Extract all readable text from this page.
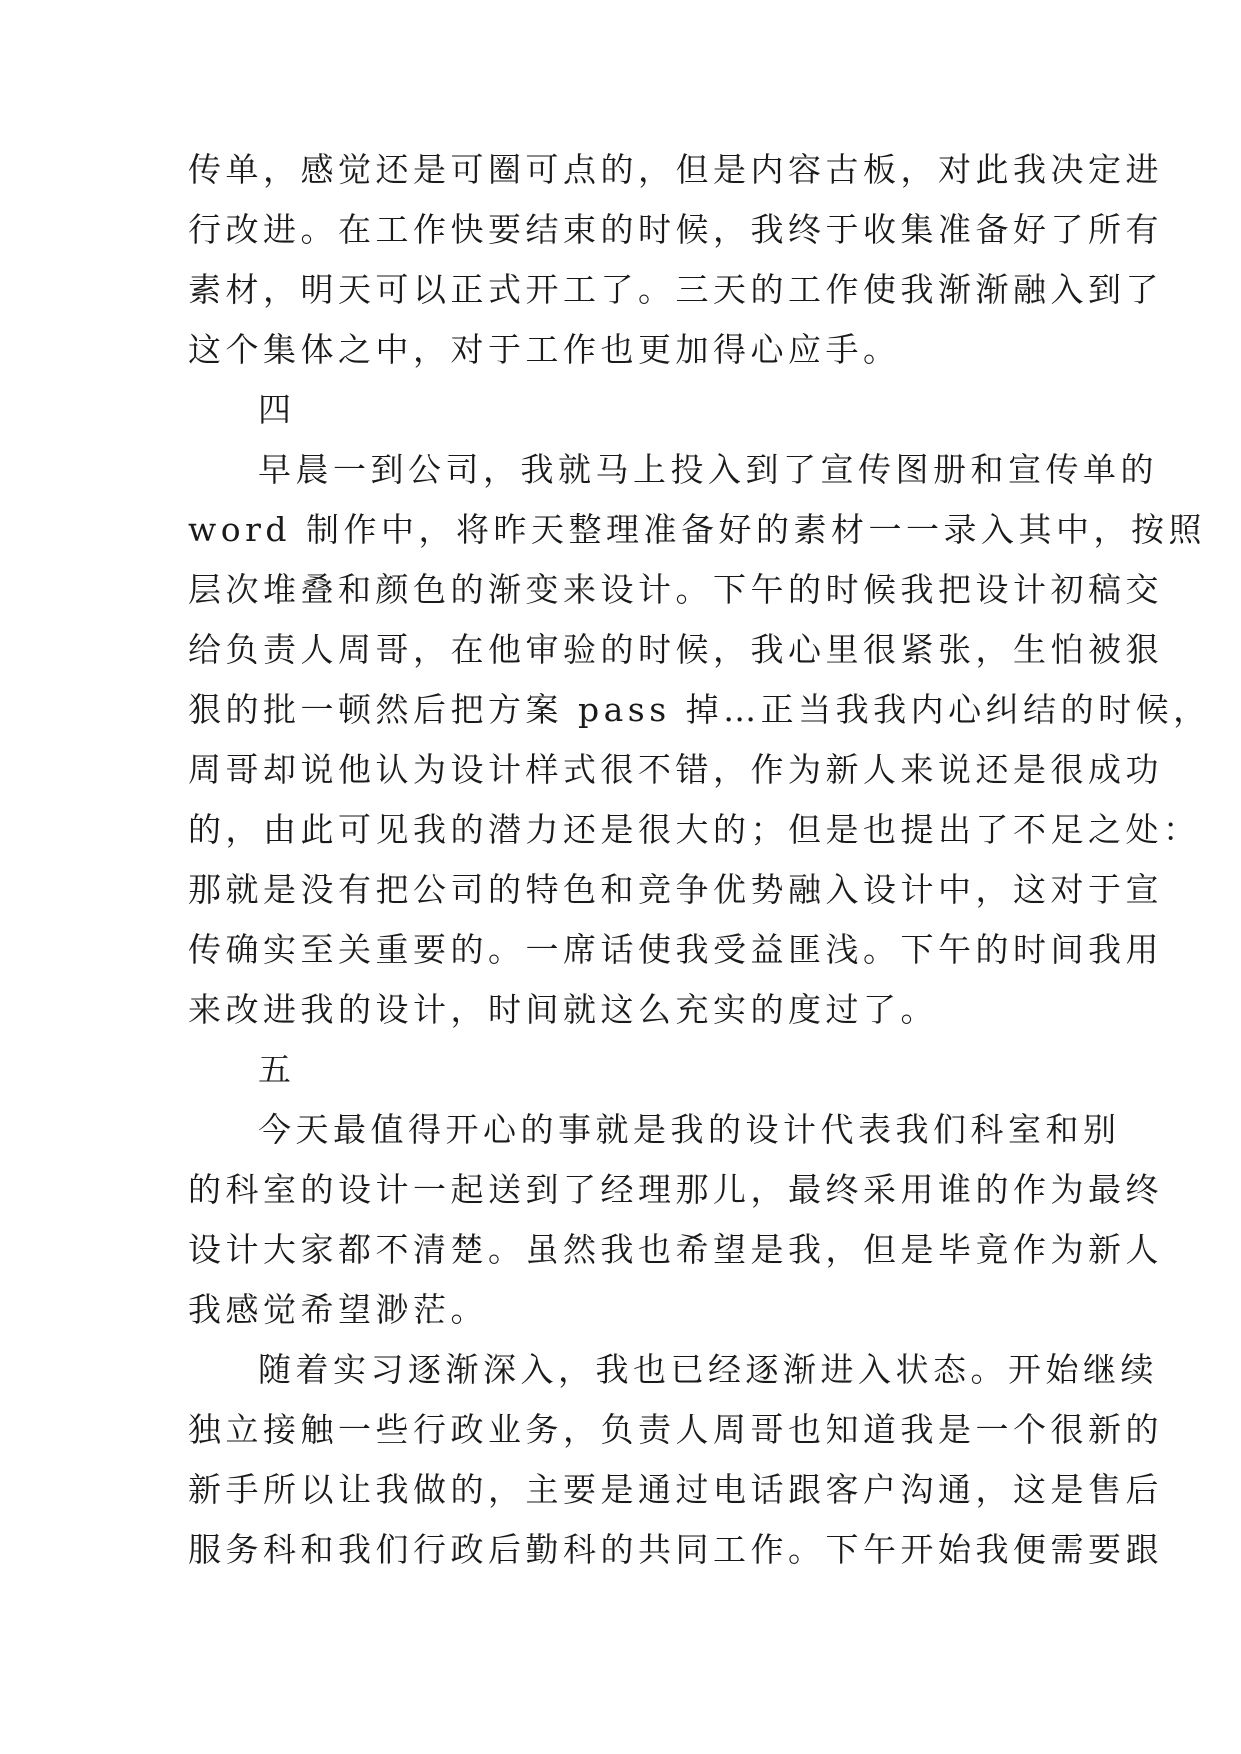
传单，感觉还是可圈可点的，但是内容古板，对此我决定进
行改进。在工作快要结束的时候，我终于收集准备好了所有
素材，明天可以正式开工了。三天的工作使我渐渐融入到了
这个集体之中，对于工作也更加得心应手。
四
早晨一到公司，我就马上投入到了宣传图册和宣传单的
word 制作中，将昨天整理准备好的素材一一录入其中，按照
层次堆叠和颜色的渐变来设计。下午的时候我把设计初稿交
给负责人周哥，在他审验的时候，我心里很紧张，生怕被狠
狠的批一顿然后把方案 pass 掉…正当我我内心纠结的时候，
周哥却说他认为设计样式很不错，作为新人来说还是很成功
的，由此可见我的潜力还是很大的；但是也提出了不足之处：
那就是没有把公司的特色和竞争优势融入设计中，这对于宣
传确实至关重要的。一席话使我受益匪浅。下午的时间我用
来改进我的设计，时间就这么充实的度过了。
五
今天最值得开心的事就是我的设计代表我们科室和别
的科室的设计一起送到了经理那儿，最终采用谁的作为最终
设计大家都不清楚。虽然我也希望是我，但是毕竟作为新人
我感觉希望渺茫。
随着实习逐渐深入，我也已经逐渐进入状态。开始继续
独立接触一些行政业务，负责人周哥也知道我是一个很新的
新手所以让我做的，主要是通过电话跟客户沟通，这是售后
服务科和我们行政后勤科的共同工作。下午开始我便需要跟
